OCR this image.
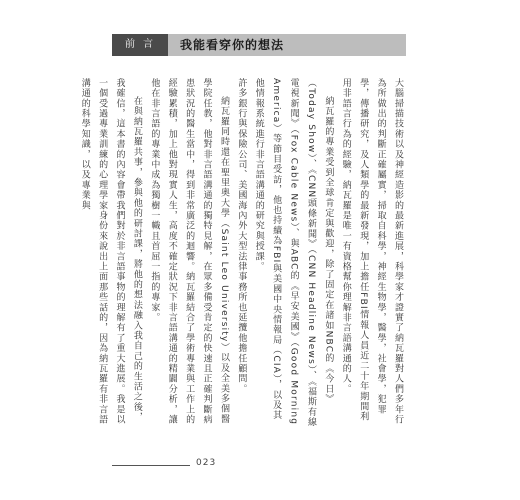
前言	我能看穿你的想法

大腦掃描技術以及神經造影的最新進展，科學家才證實了納瓦羅對人們多年行為所做出的判斷正確屬實，掃取自科學，神經生物學，醫學，社會學，犯罪學，傳播研究，及人類學的最新發現，加上擔任FBI情報人員近二十年期間利用非語言行為的經驗，納瓦羅是唯一有資格幫你理解非言語溝通的人。

納瓦羅的專業受到全球肯定與歡迎，除了固定在諸如NBC的《今日》（Today Show）、《CNN頭條新聞》（CNN Headline News）、《福斯有線電視新聞》（Fox Cable News）、與ABC的《早安美國》（Good Morning America）等節目受訪，他也持續為FBI與美國中央情報局（CIA），以及其他情報系統進行非言語溝通的研究與授課。

許多銀行與保險公司、美國海內外大型法律事務所也延攬他擔任顧問。

納瓦羅同時還在聖里奧大學（Saint Leo University）以及全美多個醫學院任教，他對非言語溝通的獨特見解，在眾多備受肯定的快速且正確判斷病患狀況的醫生當中，得到非常廣泛的迴響。納瓦羅結合了學術專業與工作上的經驗累積，加上他對現實人生，高度不確定狀況下非言語溝通的精闢分析，讓他在非言語的專業中成為獨樹一幟且首屈一指的專家。

在與納瓦羅共事，參與他的研討課，將他的想法融入我自己的生活之後，我確信，這本書的內容會帶我們對於非言語事物的理解有了重大進展。我是以一個受過專業訓練的心理學家身份來說出上面那些話的，因為納瓦羅有非言語溝通的科學知識，以及專業與

023
